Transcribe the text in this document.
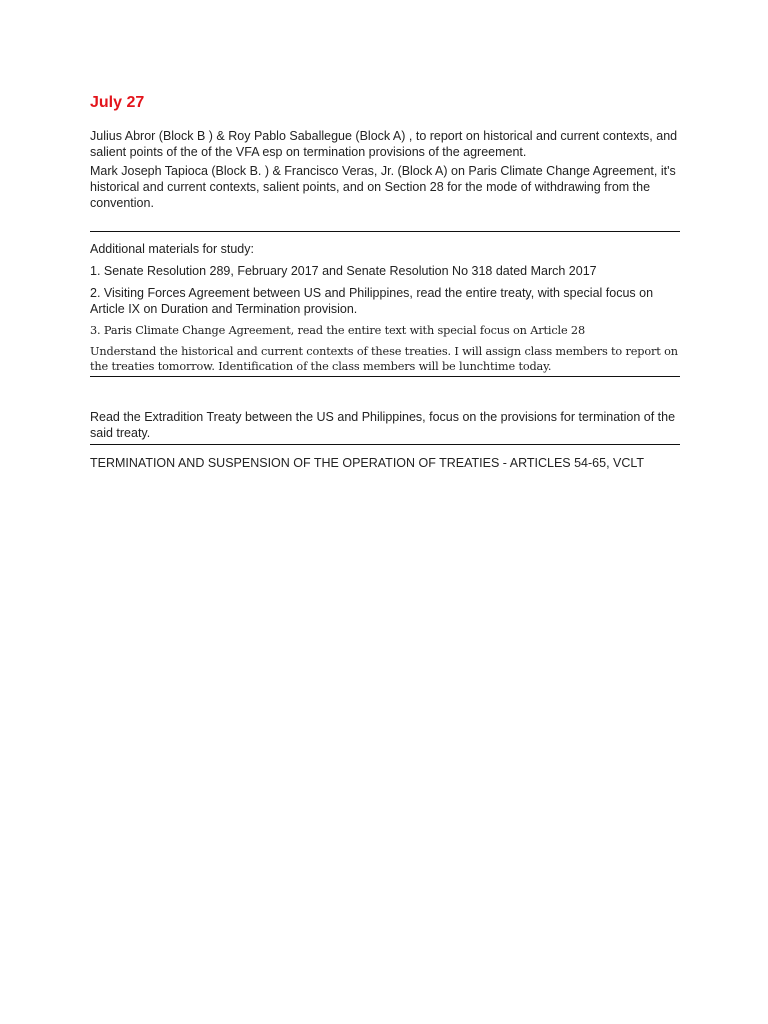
July 27

Julius Abror (Block B ) & Roy Pablo Saballegue (Block A) , to report on historical and current contexts, and salient points of the of the VFA esp on termination provisions of the agreement.

Mark Joseph Tapioca (Block B. ) & Francisco Veras, Jr. (Block A) on Paris Climate Change Agreement, it's historical and current contexts, salient points, and on Section 28 for the mode of withdrawing from the convention.

Additional materials for study:

1. Senate Resolution 289, February 2017 and Senate Resolution No 318 dated March 2017

2. Visiting Forces Agreement between US and Philippines, read the entire treaty, with special focus on Article IX on Duration and Termination provision.

3. Paris Climate Change Agreement, read the entire text with special focus on Article 28

Understand the historical and current contexts of these treaties. I will assign class members to report on the treaties tomorrow. Identification of the class members will be lunchtime today.

Read the Extradition Treaty between the US and Philippines, focus on the provisions for termination of the said treaty.

TERMINATION AND SUSPENSION OF THE OPERATION OF TREATIES - ARTICLES 54-65, VCLT
